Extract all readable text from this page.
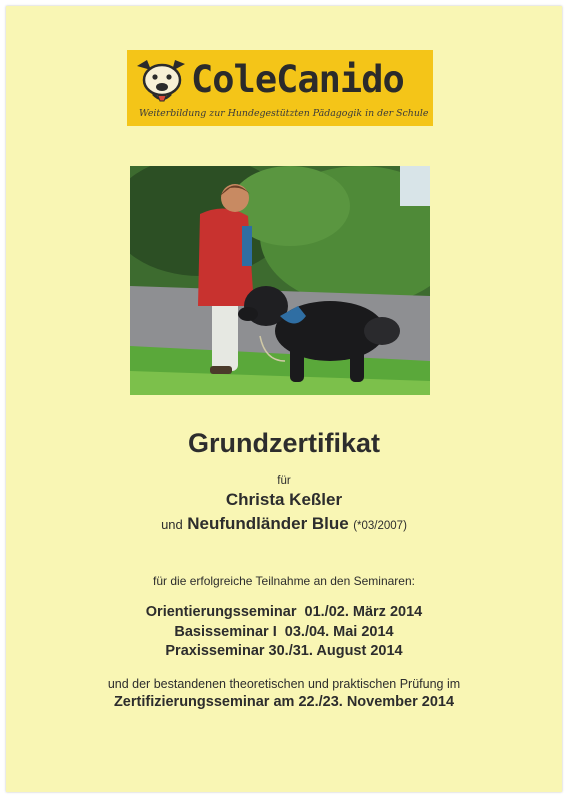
ColeCanido
Weiterbildung zur Hundegestützten Pädagogik in der Schule
Grundzertifikat
für
Christa Keßler
und Neufundländer Blue (*03/2007)
für die erfolgreiche Teilnahme an den Seminaren:
Orientierungsseminar  01./02. März 2014
Basisseminar I  03./04. Mai 2014
Praxisseminar 30./31. August 2014
und der bestandenen theoretischen und praktischen Prüfung im
Zertifizierungsseminar am 22./23. November 2014
